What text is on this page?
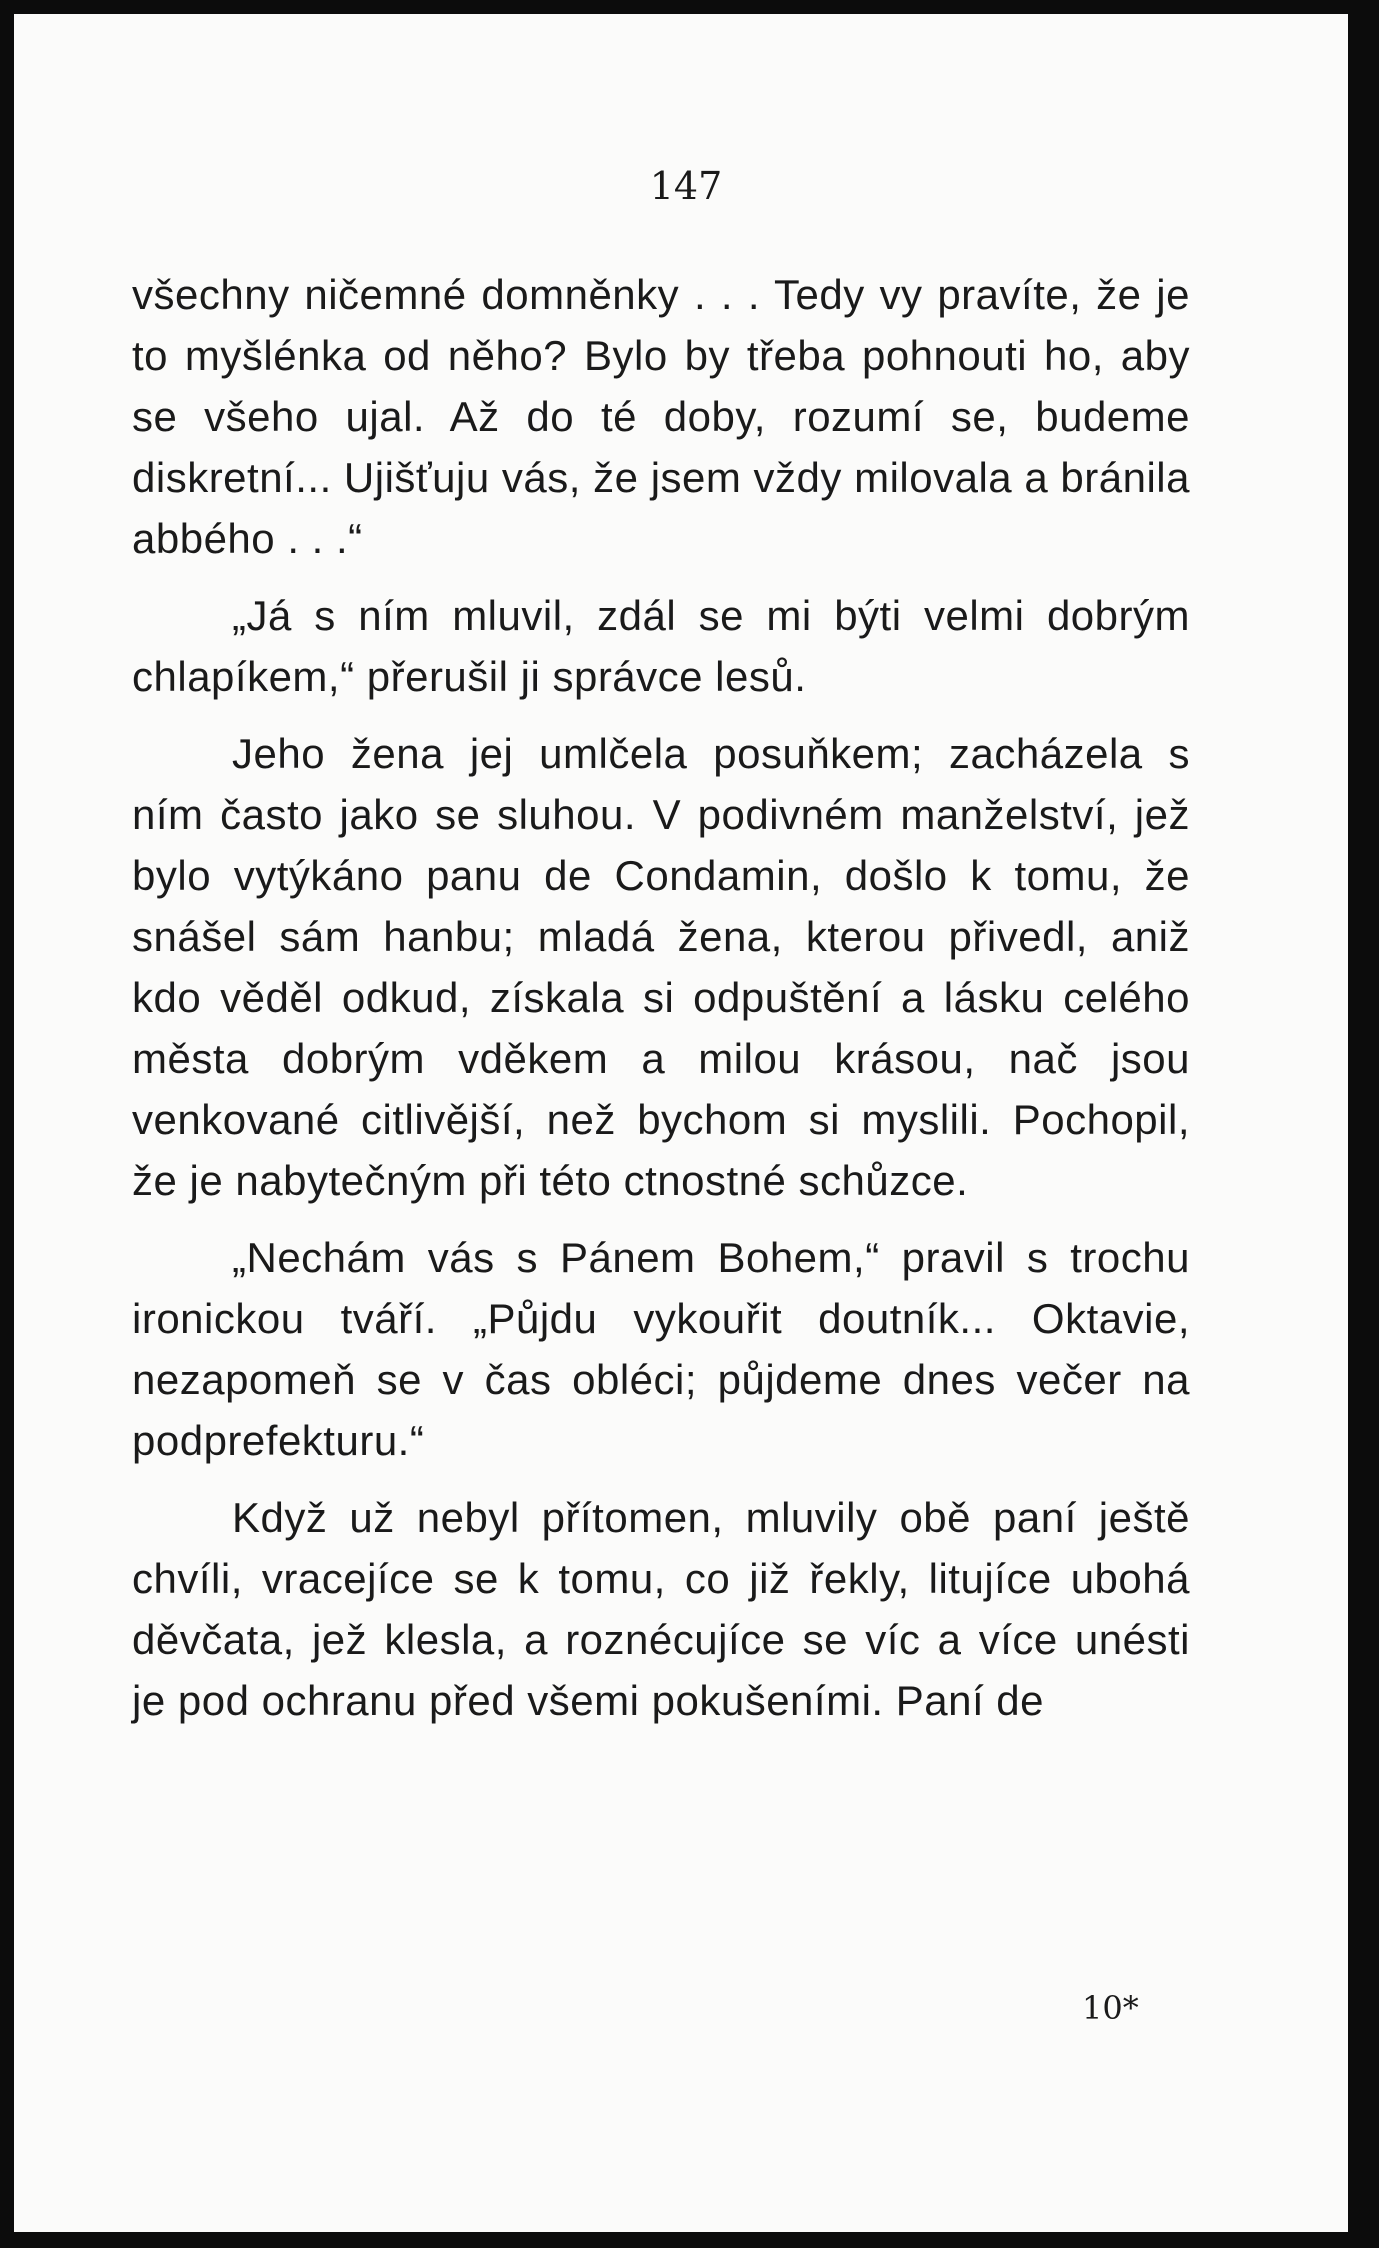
147

všechny ničemné domněnky . . . Tedy vy pravíte, že je to myšlénka od něho? Bylo by třeba pohnouti ho, aby se všeho ujal. Až do té doby, rozumí se, budeme diskretní... Ujišťuju vás, že jsem vždy milovala a bránila abbého . . .“

„Já s ním mluvil, zdál se mi býti velmi dobrým chlapíkem,“ přerušil ji správce lesů.

Jeho žena jej umlčela posuňkem; zacházela s ním často jako se sluhou. V podivném manželství, jež bylo vytýkáno panu de Condamin, došlo k tomu, že snášel sám hanbu; mladá žena, kterou přivedl, aniž kdo věděl odkud, získala si odpuštění a lásku celého města dobrým vděkem a milou krásou, nač jsou venkované citlivější, než bychom si myslili. Pochopil, že je nabytečným při této ctnostné schůzce.

„Nechám vás s Pánem Bohem,“ pravil s trochu ironickou tváří. „Půjdu vykouřit doutník... Oktavie, nezapomeň se v čas obléci; půjdeme dnes večer na podprefekturu.“

Když už nebyl přítomen, mluvily obě paní ještě chvíli, vracejíce se k tomu, co již řekly, litujíce ubohá děvčata, jež klesla, a roznécujíce se víc a více unésti je pod ochranu před všemi pokušeními. Paní de

10*
